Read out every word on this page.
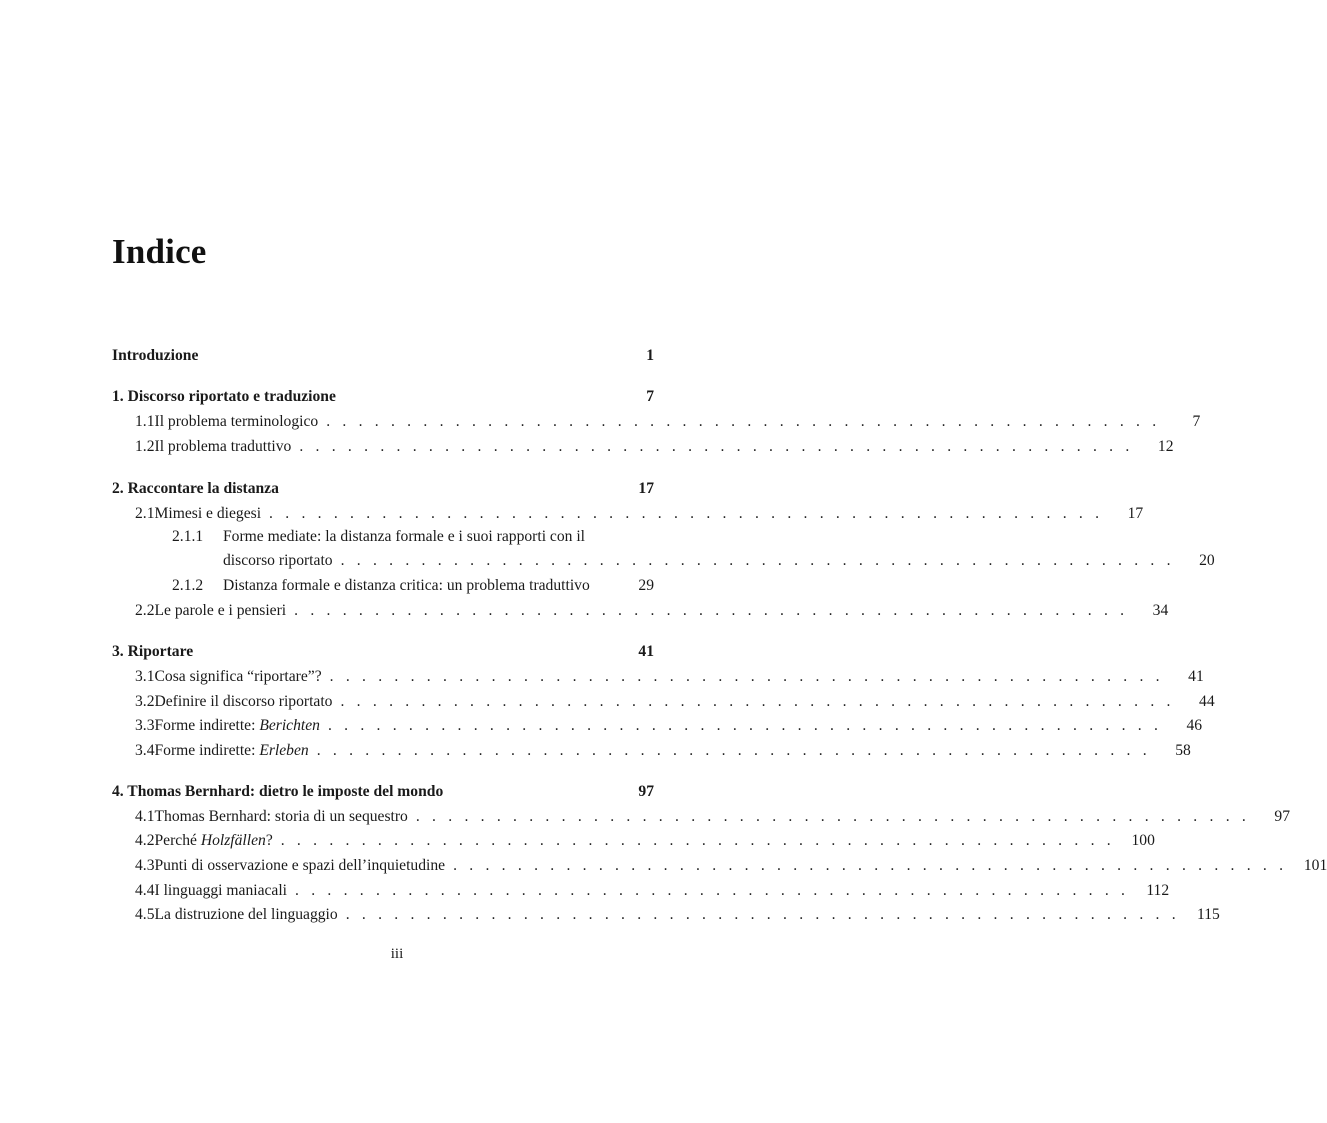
Indice
Introduzione	1
1. Discorso riportato e traduzione	7
1.1 Il problema terminologico . . . . . . . . . . . . . . . . . . . . . . . . . . . . . . . . . . . . . . . . . . . . . . . . . . . .	7
1.2 Il problema traduttivo . . . . . . . . . . . . . . . . . . . . . . . . . . . . . . . . . . . . . . . . . . . . . . . . . . . .	12
2. Raccontare la distanza	17
2.1 Mimesi e diegesi . . . . . . . . . . . . . . . . . . . . . . . . . . . . . . . . . . . . . . . . . . . . . . . . . . . .	17
2.1.1	Forme mediate: la distanza formale e i suoi rapporti con il
discorso riportato . . . . . . . . . . . . . . . . . . . . . . . . . . . . . . . . . . . . . . . . . . . . . . . . . . . .	20
2.1.2	Distanza formale e distanza critica: un problema traduttivo	29
2.2 Le parole e i pensieri . . . . . . . . . . . . . . . . . . . . . . . . . . . . . . . . . . . . . . . . . . . . . . . . . . . .	34
3. Riportare	41
3.1 Cosa significa “riportare”? . . . . . . . . . . . . . . . . . . . . . . . . . . . . . . . . . . . . . . . . . . . . . . . . . . . .	41
3.2 Definire il discorso riportato . . . . . . . . . . . . . . . . . . . . . . . . . . . . . . . . . . . . . . . . . . . . . . . . . . . .	44
3.3 Forme indirette: Berichten . . . . . . . . . . . . . . . . . . . . . . . . . . . . . . . . . . . . . . . . . . . . . . . . . . . .	46
3.4 Forme indirette: Erleben . . . . . . . . . . . . . . . . . . . . . . . . . . . . . . . . . . . . . . . . . . . . . . . . . . . .	58
4. Thomas Bernhard: dietro le imposte del mondo	97
4.1 Thomas Bernhard: storia di un sequestro . . . . . . . . . . . . . . . . . . . . . . . . . . . . . . . . . . . . . . . . . . . . . . . . . . . .	97
4.2 Perché Holzfällen? . . . . . . . . . . . . . . . . . . . . . . . . . . . . . . . . . . . . . . . . . . . . . . . . . . . .	100
4.3 Punti di osservazione e spazi dell’inquietudine . . . . . . . . . . . . . . . . . . . . . . . . . . . . . . . . . . . . . . . . . . . . . . . . . . . .	101
4.4 I linguaggi maniacali . . . . . . . . . . . . . . . . . . . . . . . . . . . . . . . . . . . . . . . . . . . . . . . . . . . .	112
4.5 La distruzione del linguaggio . . . . . . . . . . . . . . . . . . . . . . . . . . . . . . . . . . . . . . . . . . . . . . . . . . . .	115
iii
